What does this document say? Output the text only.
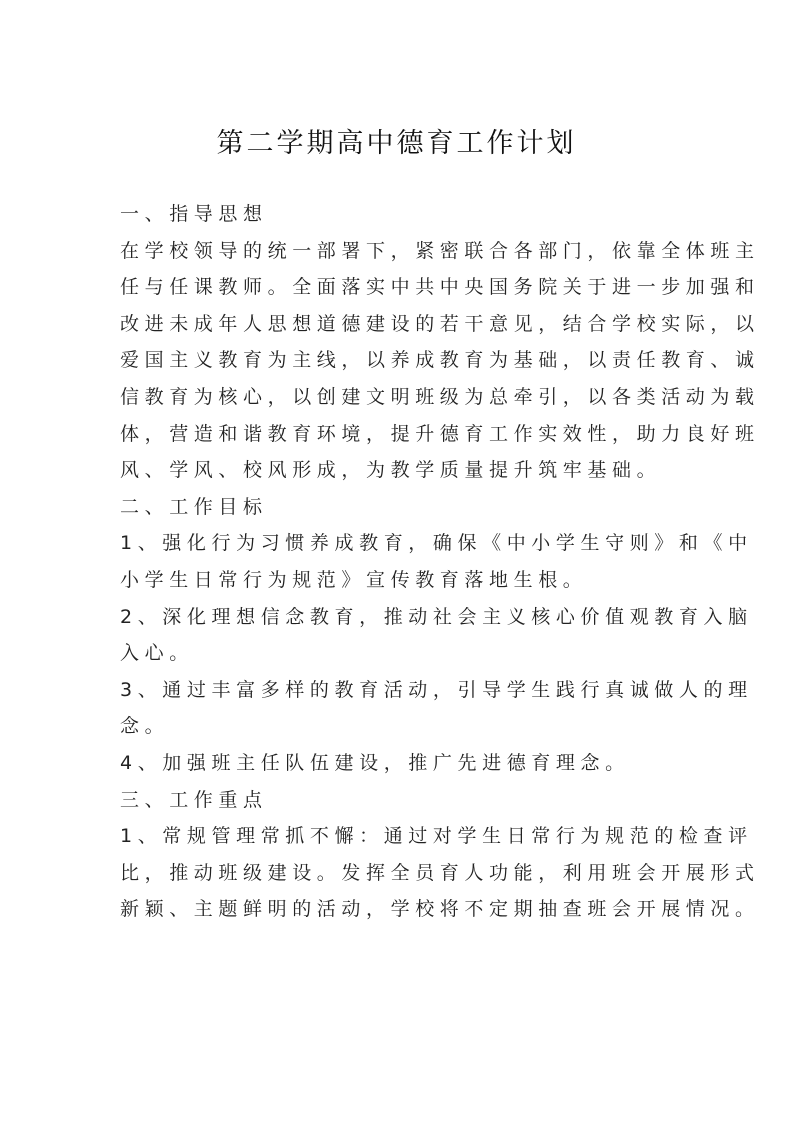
第二学期高中德育工作计划
一、指导思想
在学校领导的统一部署下，紧密联合各部门，依靠全体班主
任与任课教师。全面落实中共中央国务院关于进一步加强和
改进未成年人思想道德建设的若干意见，结合学校实际，以
爱国主义教育为主线，以养成教育为基础，以责任教育、诚
信教育为核心，以创建文明班级为总牵引，以各类活动为载
体，营造和谐教育环境，提升德育工作实效性，助力良好班
风、学风、校风形成，为教学质量提升筑牢基础。
二、工作目标
1、强化行为习惯养成教育，确保《中小学生守则》和《中
小学生日常行为规范》宣传教育落地生根。
2、深化理想信念教育，推动社会主义核心价值观教育入脑
入心。
3、通过丰富多样的教育活动，引导学生践行真诚做人的理
念。
4、加强班主任队伍建设，推广先进德育理念。
三、工作重点
1、常规管理常抓不懈：通过对学生日常行为规范的检查评
比，推动班级建设。发挥全员育人功能，利用班会开展形式
新颖、主题鲜明的活动，学校将不定期抽查班会开展情况。
